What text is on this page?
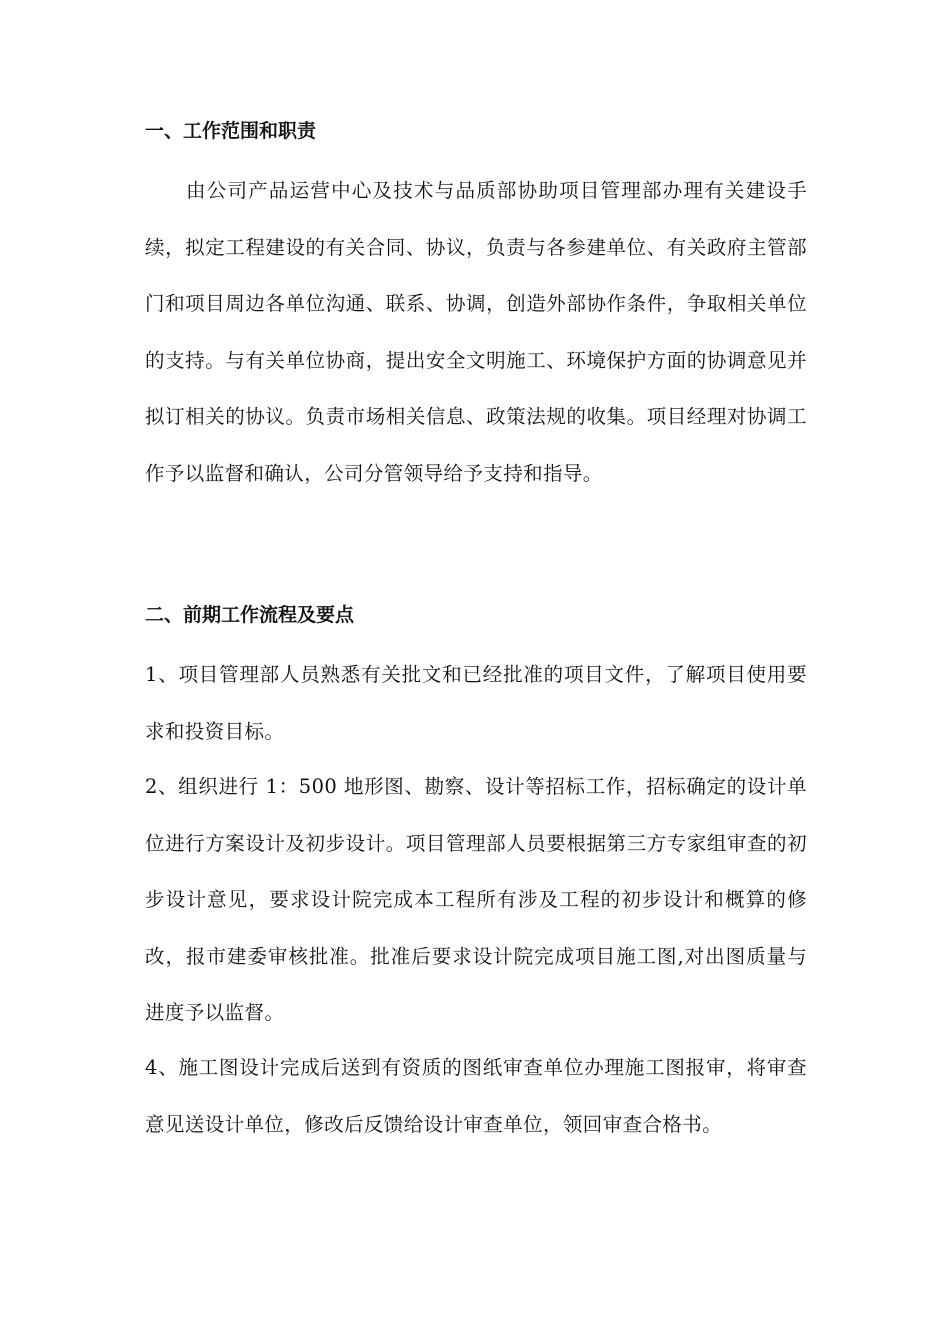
一、工作范围和职责
由公司产品运营中心及技术与品质部协助项目管理部办理有关建设手续，拟定工程建设的有关合同、协议，负责与各参建单位、有关政府主管部门和项目周边各单位沟通、联系、协调，创造外部协作条件，争取相关单位的支持。与有关单位协商，提出安全文明施工、环境保护方面的协调意见并拟订相关的协议。负责市场相关信息、政策法规的收集。项目经理对协调工作予以监督和确认，公司分管领导给予支持和指导。
二、前期工作流程及要点
1、项目管理部人员熟悉有关批文和已经批准的项目文件，了解项目使用要求和投资目标。
2、组织进行 1：500 地形图、勘察、设计等招标工作，招标确定的设计单位进行方案设计及初步设计。项目管理部人员要根据第三方专家组审查的初步设计意见，要求设计院完成本工程所有涉及工程的初步设计和概算的修改，报市建委审核批准。批准后要求设计院完成项目施工图,对出图质量与进度予以监督。
4、施工图设计完成后送到有资质的图纸审查单位办理施工图报审，将审查意见送设计单位，修改后反馈给设计审查单位，领回审查合格书。
